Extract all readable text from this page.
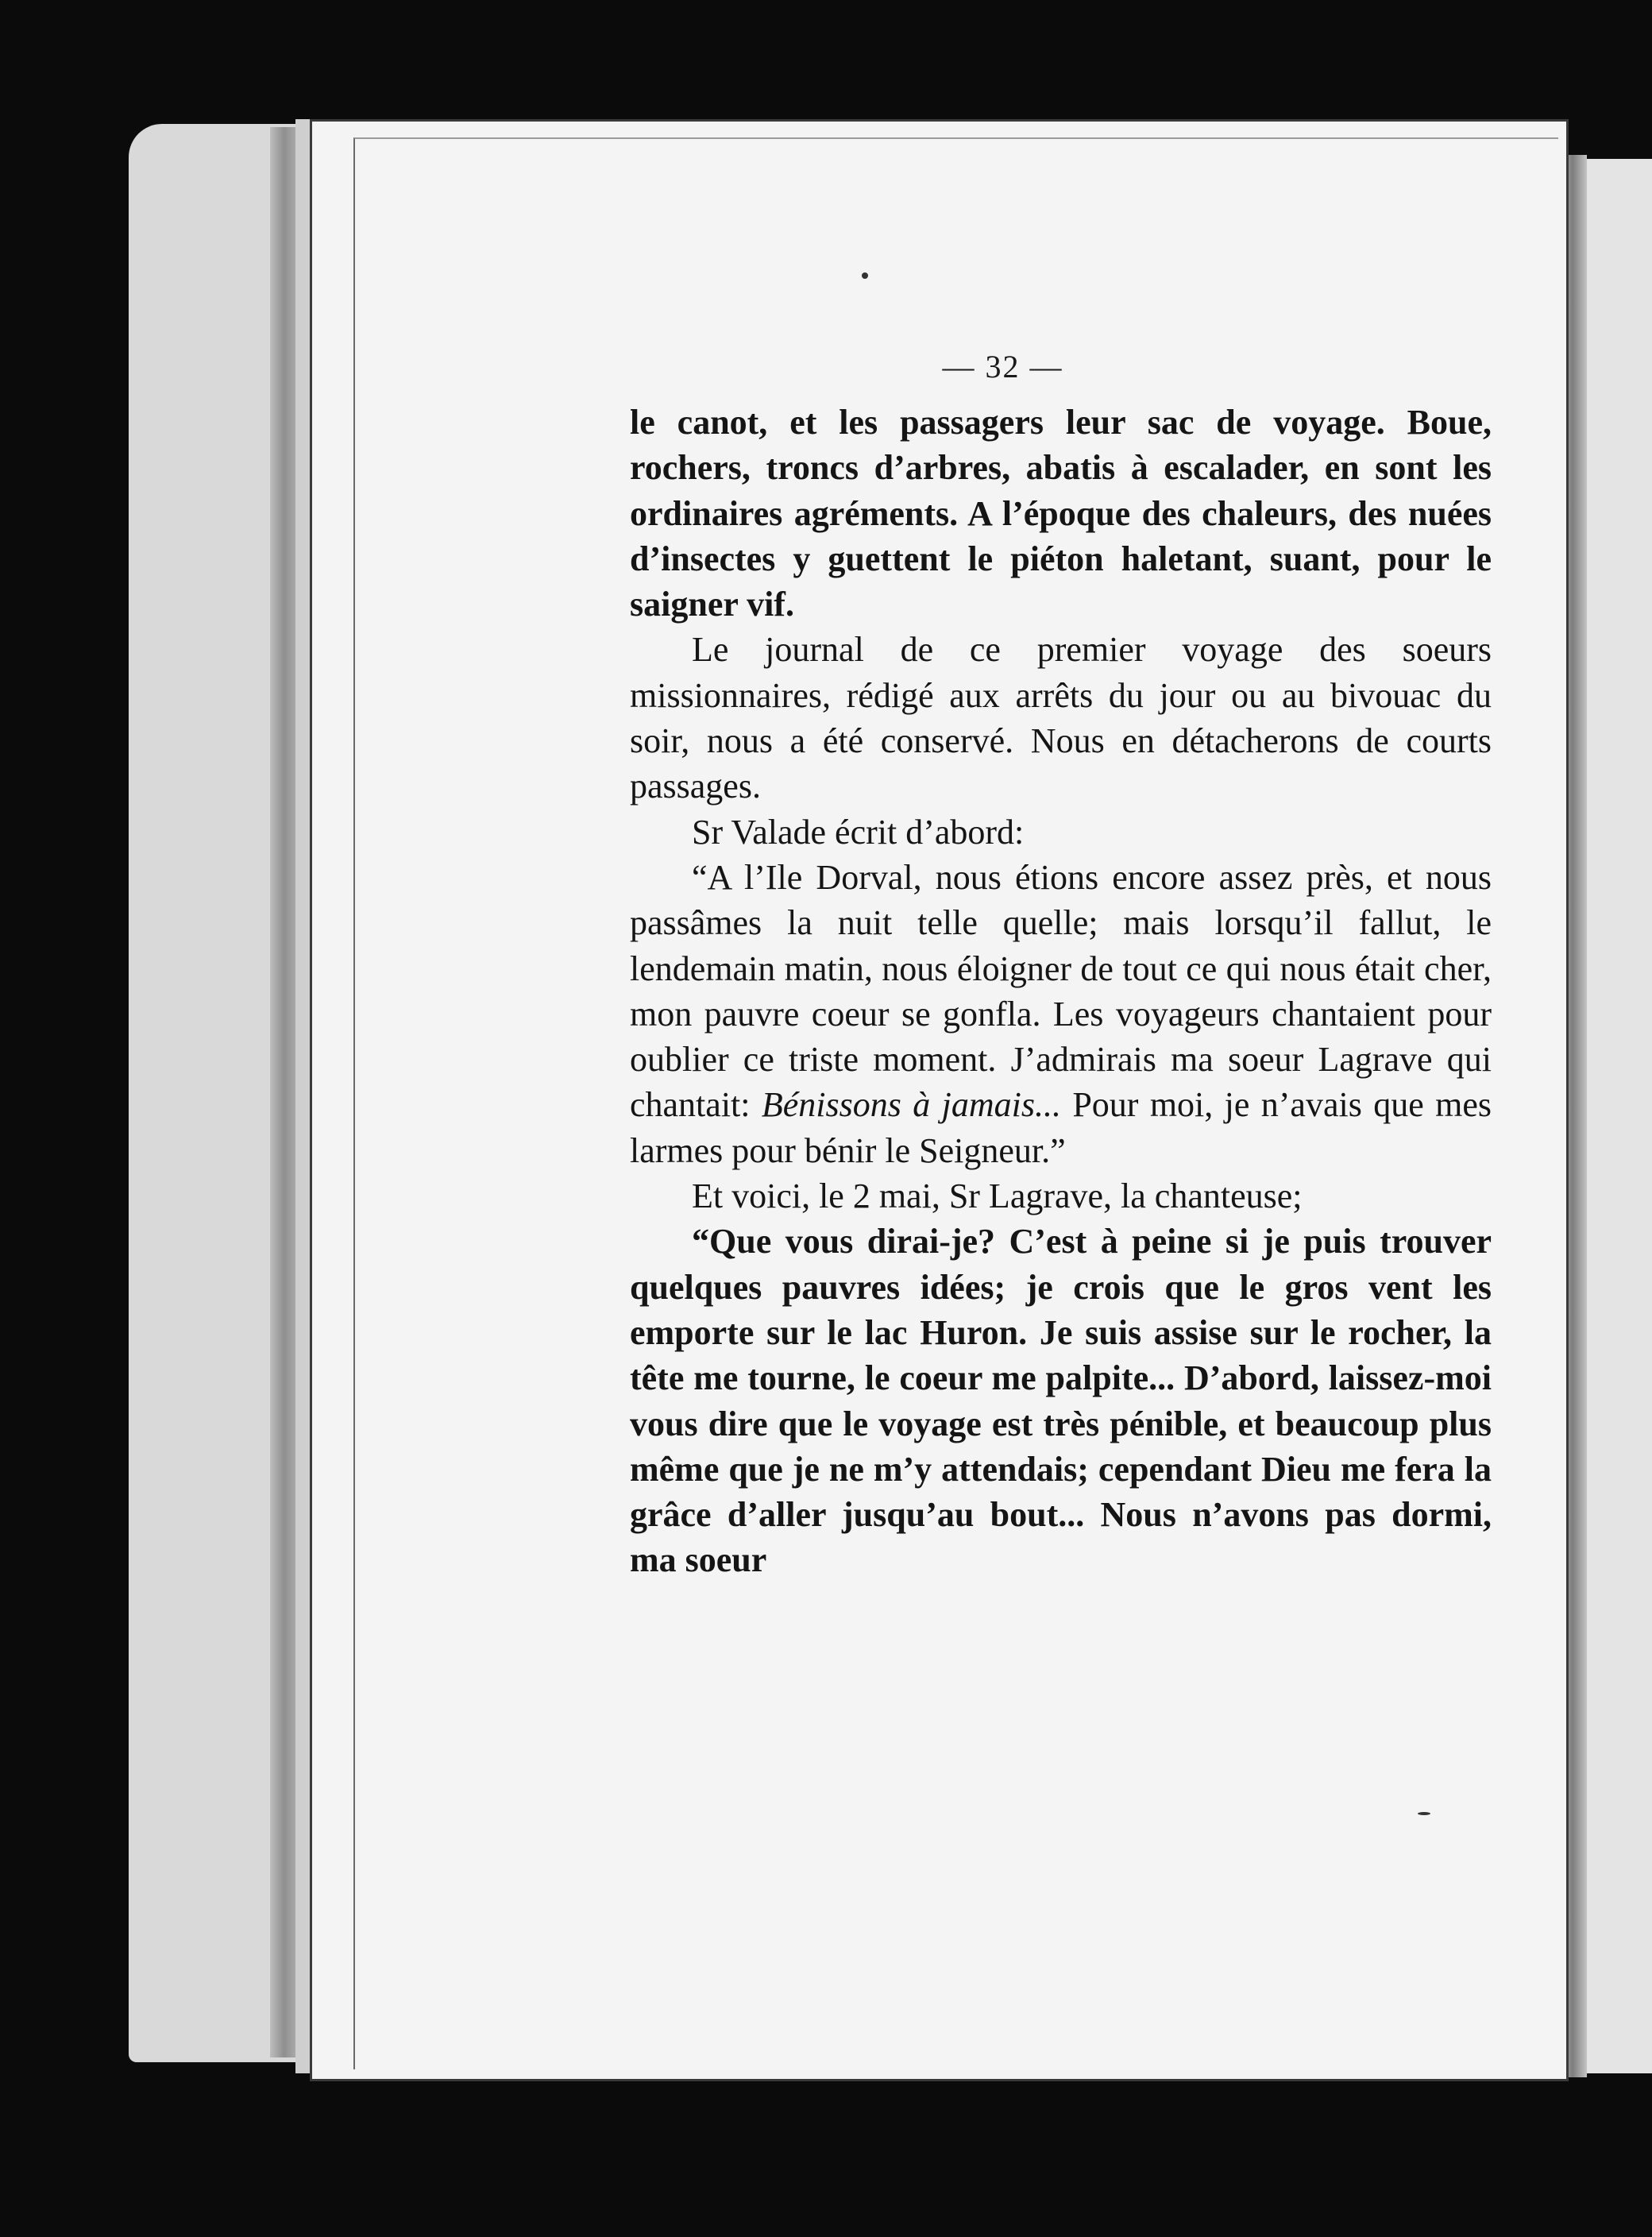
— 32 —

le canot, et les passagers leur sac de voyage. Boue, rochers, troncs d’arbres, abatis à escalader, en sont les ordinaires agréments. A l’époque des chaleurs, des nuées d’insectes y guettent le piéton haletant, suant, pour le saigner vif.

Le journal de ce premier voyage des soeurs missionnaires, rédigé aux arrêts du jour ou au bivouac du soir, nous a été conservé. Nous en détacherons de courts passages.

Sr Valade écrit d’abord:

“A l’Ile Dorval, nous étions encore assez près, et nous passâmes la nuit telle quelle; mais lorsqu’il fallut, le lendemain matin, nous éloigner de tout ce qui nous était cher, mon pauvre coeur se gonfla. Les voyageurs chantaient pour oublier ce triste moment. J’admirais ma soeur Lagrave qui chantait: Bénissons à jamais... Pour moi, je n’avais que mes larmes pour bénir le Seigneur.”

Et voici, le 2 mai, Sr Lagrave, la chanteuse;

“Que vous dirai-je? C’est à peine si je puis trouver quelques pauvres idées; je crois que le gros vent les emporte sur le lac Huron. Je suis assise sur le rocher, la tête me tourne, le coeur me palpite... D’abord, laissez-moi vous dire que le voyage est très pénible, et beaucoup plus même que je ne m’y attendais; cependant Dieu me fera la grâce d’aller jusqu’au bout... Nous n’avons pas dormi, ma soeur
